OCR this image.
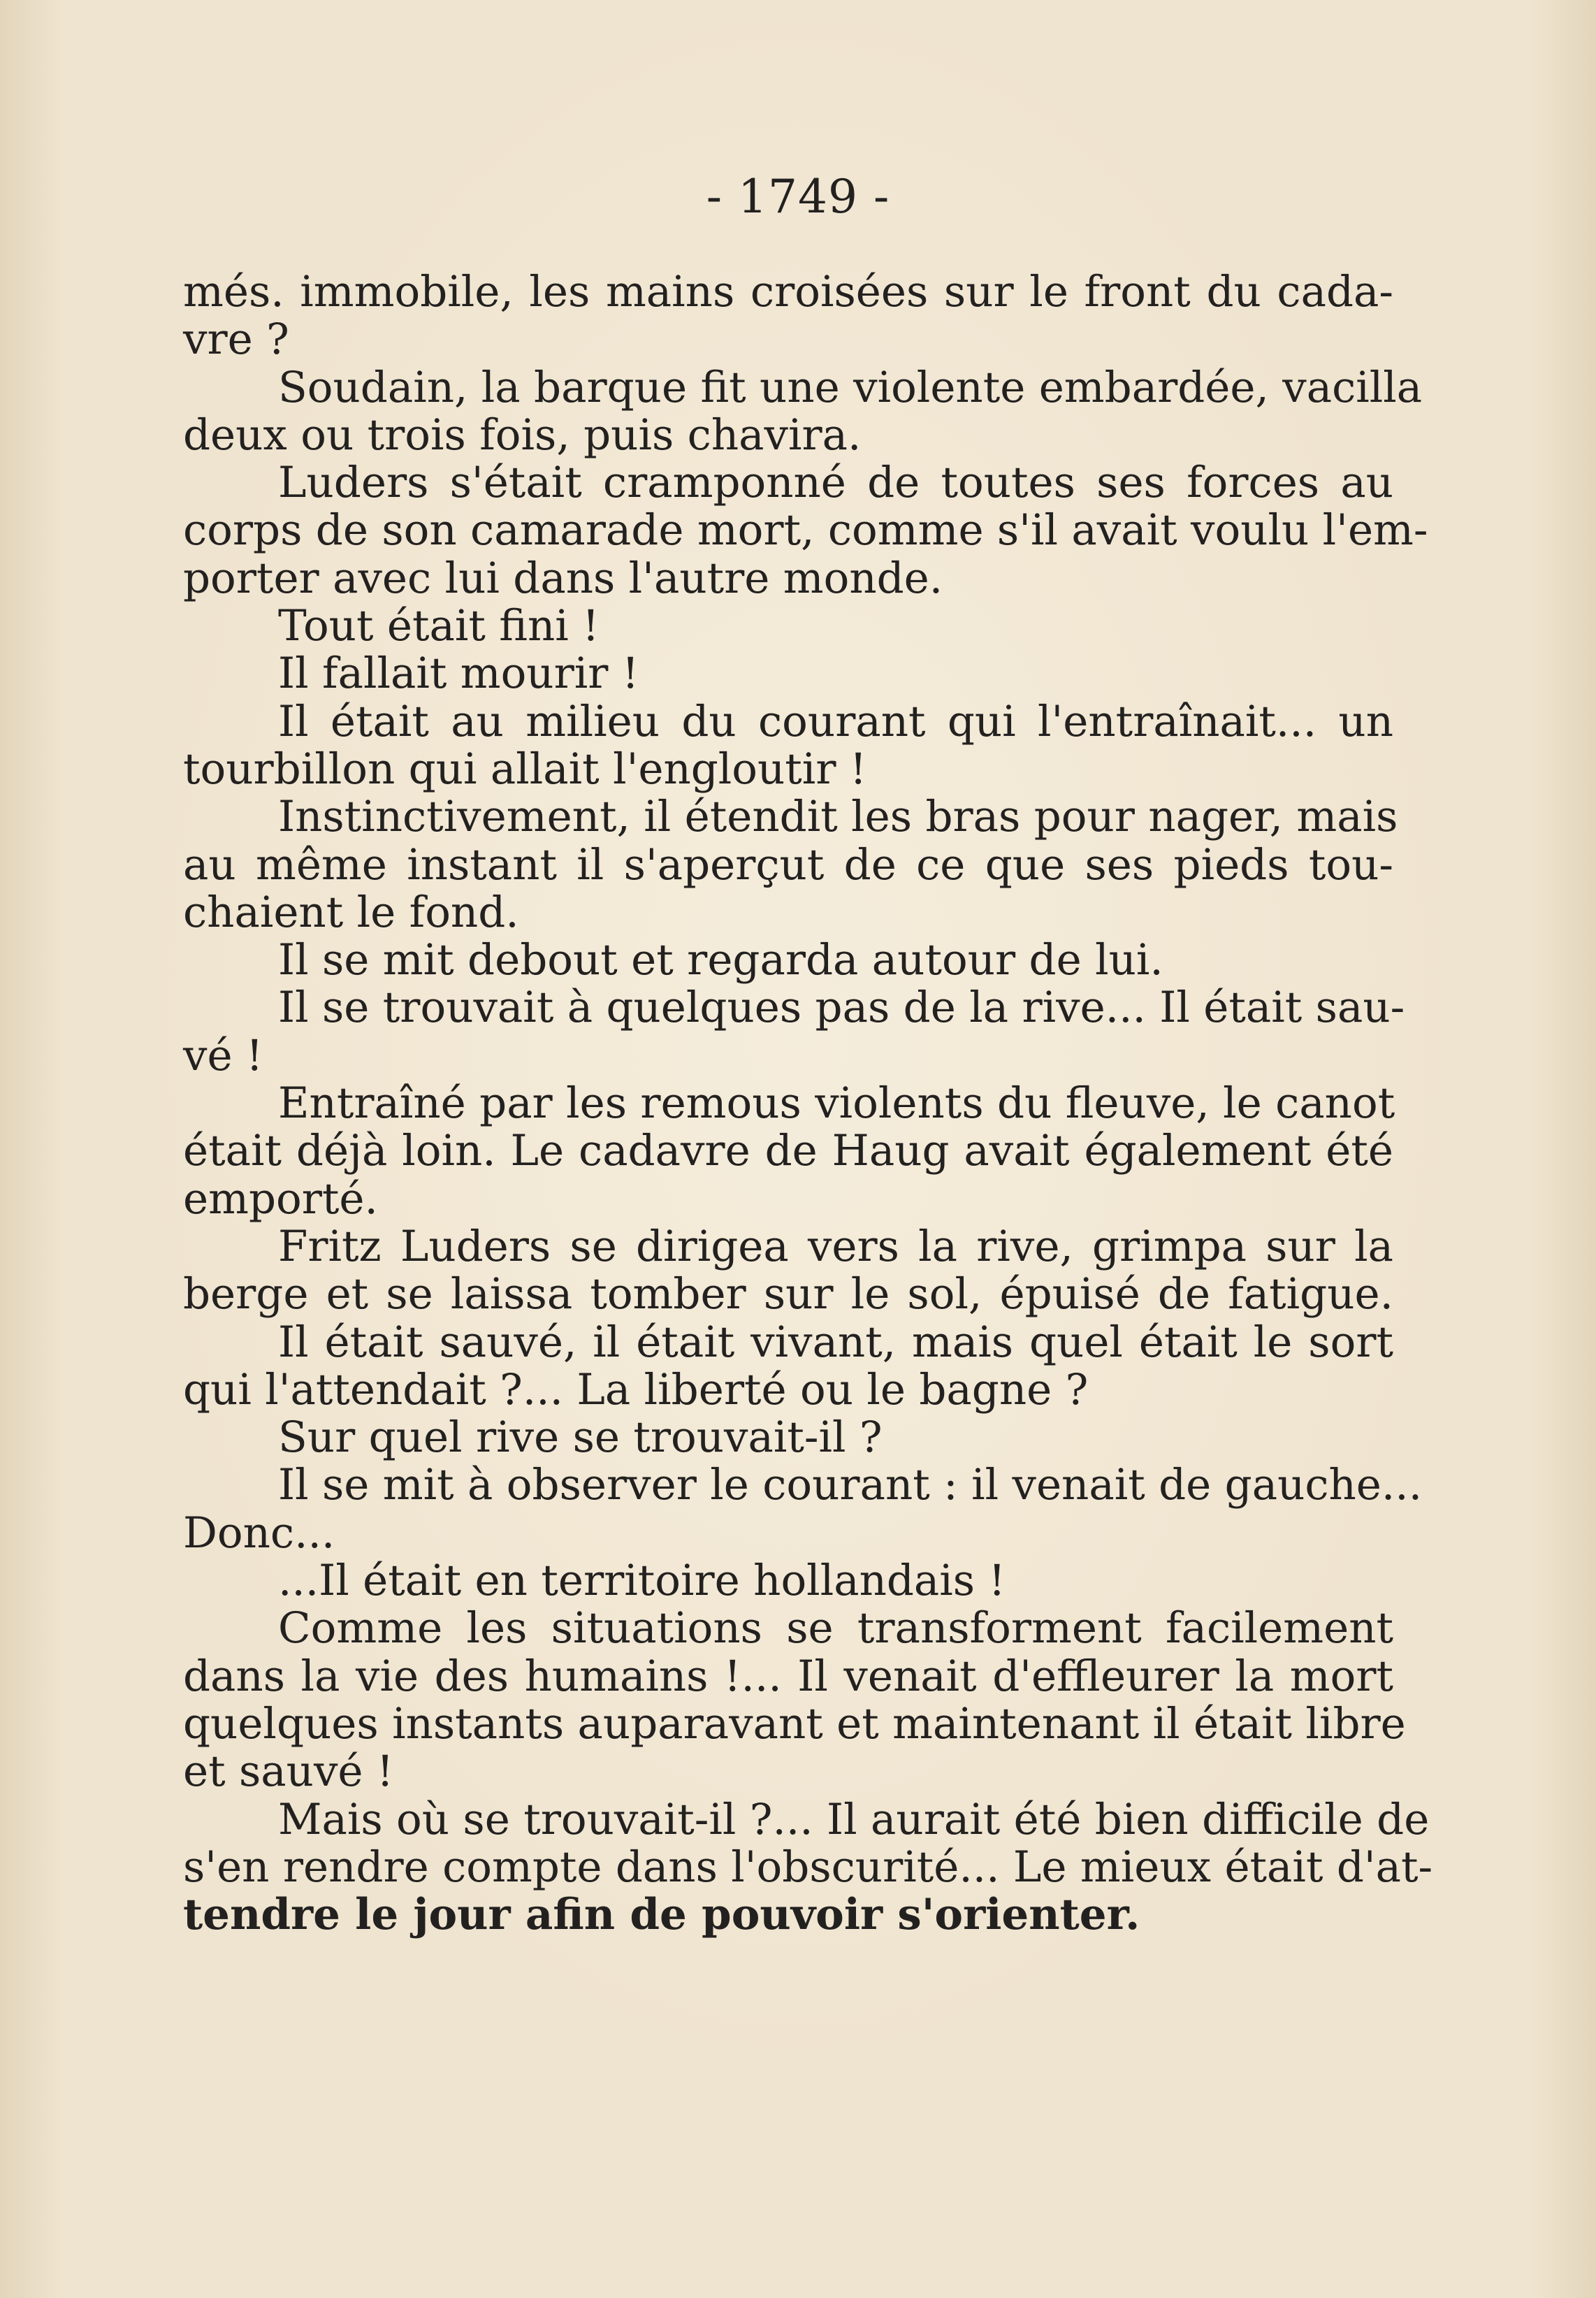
- 1749 -
més. immobile, les mains croisées sur le front du cada-
vre ?
Soudain, la barque fit une violente embardée, vacilla
deux ou trois fois, puis chavira.
Luders s'était cramponné de toutes ses forces au
corps de son camarade mort, comme s'il avait voulu l'em-
porter avec lui dans l'autre monde.
Tout était fini !
Il fallait mourir !
Il était au milieu du courant qui l'entraînait... un
tourbillon qui allait l'engloutir !
Instinctivement, il étendit les bras pour nager, mais
au même instant il s'aperçut de ce que ses pieds tou-
chaient le fond.
Il se mit debout et regarda autour de lui.
Il se trouvait à quelques pas de la rive... Il était sau-
vé !
Entraîné par les remous violents du fleuve, le canot
était déjà loin. Le cadavre de Haug avait également été
emporté.
Fritz Luders se dirigea vers la rive, grimpa sur la
berge et se laissa tomber sur le sol, épuisé de fatigue.
Il était sauvé, il était vivant, mais quel était le sort
qui l'attendait ?... La liberté ou le bagne ?
Sur quel rive se trouvait-il ?
Il se mit à observer le courant : il venait de gauche...
Donc...
...Il était en territoire hollandais !
Comme les situations se transforment facilement
dans la vie des humains !... Il venait d'effleurer la mort
quelques instants auparavant et maintenant il était libre
et sauvé !
Mais où se trouvait-il ?... Il aurait été bien difficile de
s'en rendre compte dans l'obscurité... Le mieux était d'at-
tendre le jour afin de pouvoir s'orienter.
